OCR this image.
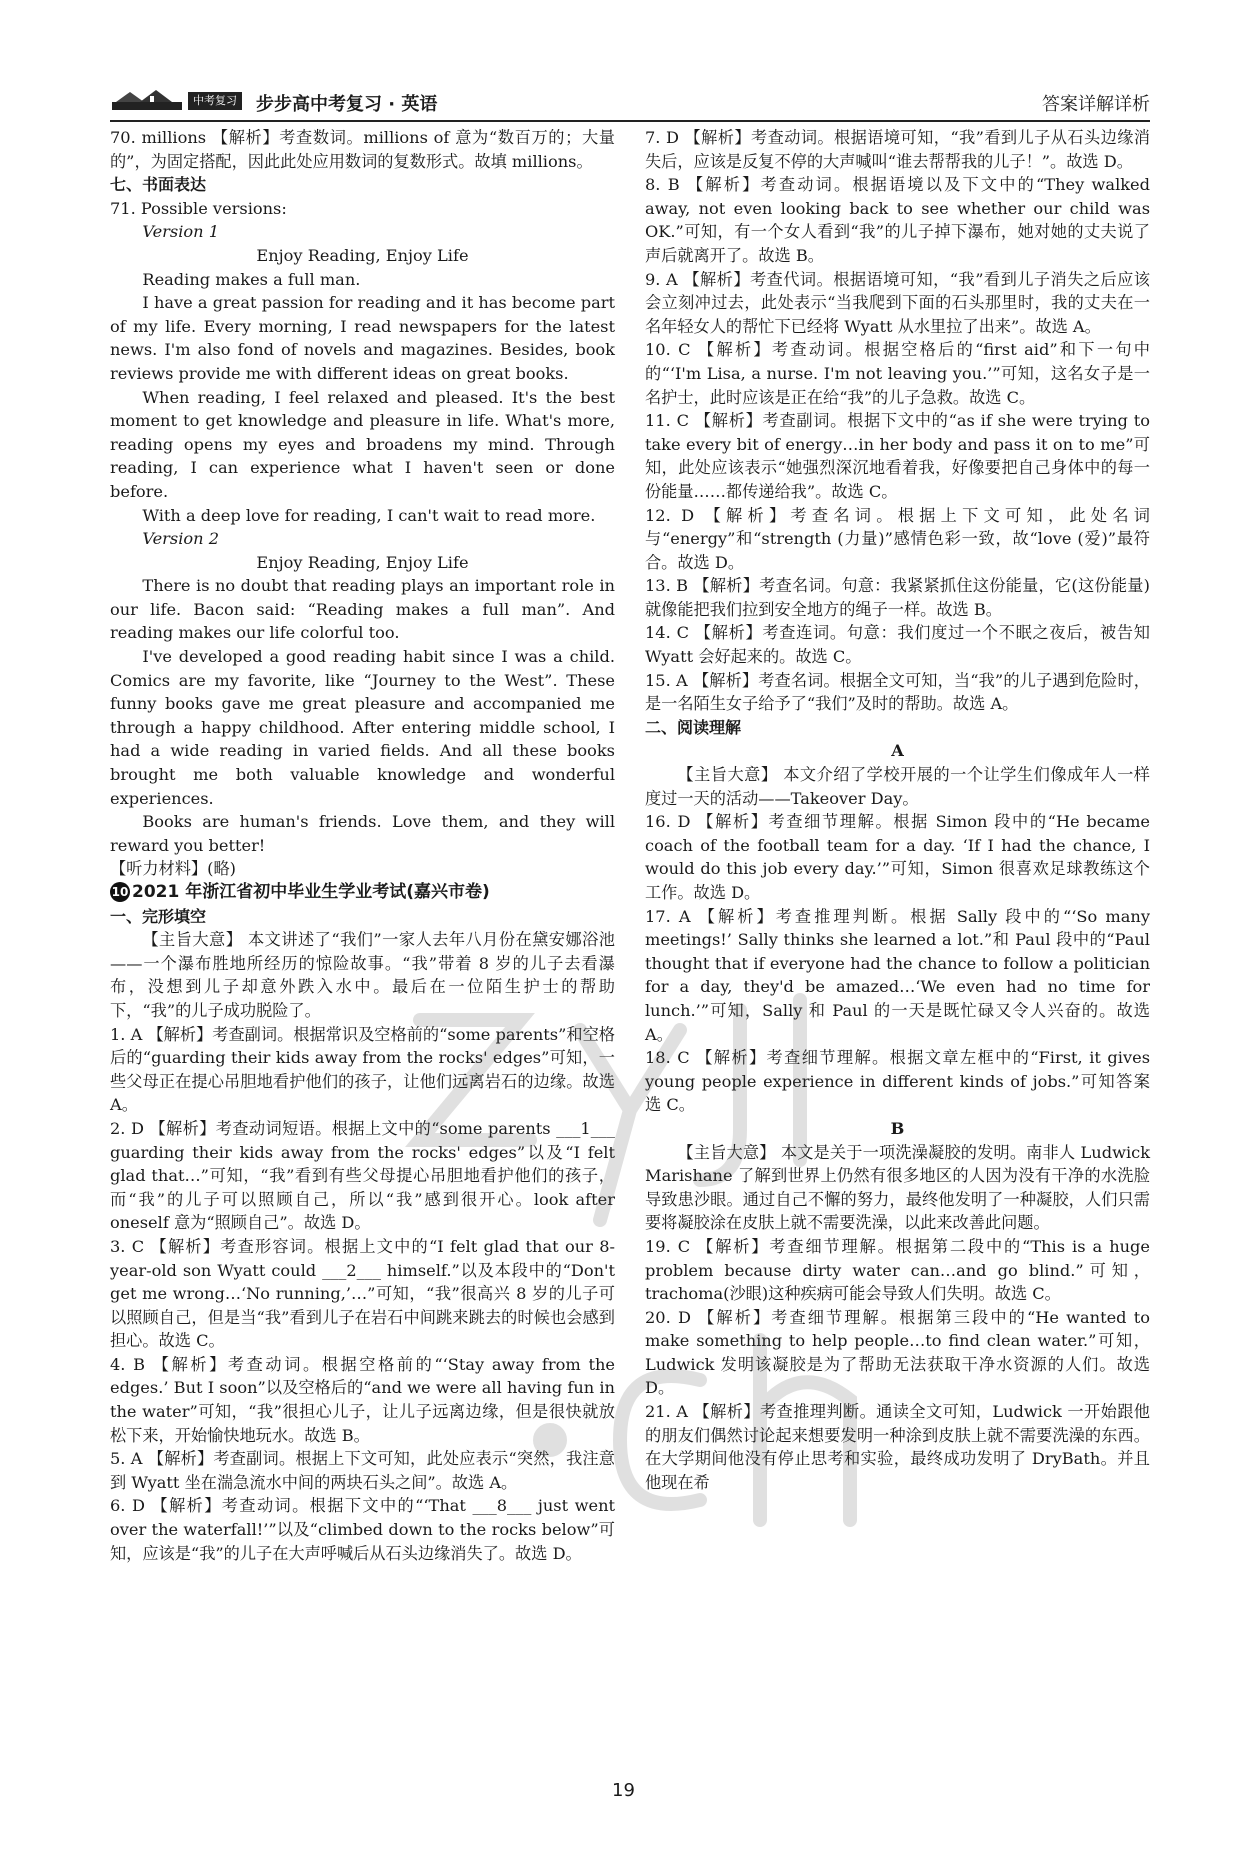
中考复习 步步高中考复习 · 英语	答案详解详析

70. millions 【解析】考查数词。millions of 意为“数百万的；大量的”，为固定搭配，因此此处应用数词的复数形式。故填 millions。

七、书面表达

71. Possible versions:

Version 1

Enjoy Reading, Enjoy Life

Reading makes a full man.

I have a great passion for reading and it has become part of my life. Every morning, I read newspapers for the latest news. I'm also fond of novels and magazines. Besides, book reviews provide me with different ideas on great books.

When reading, I feel relaxed and pleased. It's the best moment to get knowledge and pleasure in life. What's more, reading opens my eyes and broadens my mind. Through reading, I can experience what I haven't seen or done before.

With a deep love for reading, I can't wait to read more.

Version 2

Enjoy Reading, Enjoy Life

There is no doubt that reading plays an important role in our life. Bacon said: “Reading makes a full man”. And reading makes our life colorful too.

I've developed a good reading habit since I was a child. Comics are my favorite, like “Journey to the West”. These funny books gave me great pleasure and accompanied me through a happy childhood. After entering middle school, I had a wide reading in varied fields. And all these books brought me both valuable knowledge and wonderful experiences.

Books are human's friends. Love them, and they will reward you better!

【听力材料】(略)

10 2021 年浙江省初中毕业生学业考试(嘉兴市卷)

一、完形填空

【主旨大意】 本文讲述了“我们”一家人去年八月份在黛安娜浴池——一个瀑布胜地所经历的惊险故事。“我”带着 8 岁的儿子去看瀑布，没想到儿子却意外跌入水中。最后在一位陌生护士的帮助下，“我”的儿子成功脱险了。

1. A 【解析】考查副词。根据常识及空格前的“some parents”和空格后的“guarding their kids away from the rocks' edges”可知，一些父母正在提心吊胆地看护他们的孩子，让他们远离岩石的边缘。故选 A。

2. D 【解析】考查动词短语。根据上文中的“some parents ___1___ guarding their kids away from the rocks' edges”以及“I felt glad that…”可知，“我”看到有些父母提心吊胆地看护他们的孩子，而“我”的儿子可以照顾自己，所以“我”感到很开心。look after oneself 意为“照顾自己”。故选 D。

3. C 【解析】考查形容词。根据上文中的“I felt glad that our 8-year-old son Wyatt could ___2___ himself.”以及本段中的“Don't get me wrong…‘No running,’…”可知，“我”很高兴 8 岁的儿子可以照顾自己，但是当“我”看到儿子在岩石中间跳来跳去的时候也会感到担心。故选 C。

4. B 【解析】考查动词。根据空格前的“‘Stay away from the edges.’ But I soon”以及空格后的“and we were all having fun in the water”可知，“我”很担心儿子，让儿子远离边缘，但是很快就放松下来，开始愉快地玩水。故选 B。

5. A 【解析】考查副词。根据上下文可知，此处应表示“突然，我注意到 Wyatt 坐在湍急流水中间的两块石头之间”。故选 A。

6. D 【解析】考查动词。根据下文中的“‘That ___8___ just went over the waterfall!’”以及“climbed down to the rocks below”可知，应该是“我”的儿子在大声呼喊后从石头边缘消失了。故选 D。

7. D 【解析】考查动词。根据语境可知，“我”看到儿子从石头边缘消失后，应该是反复不停的大声喊叫“谁去帮帮我的儿子！”。故选 D。

8. B 【解析】考查动词。根据语境以及下文中的“They walked away, not even looking back to see whether our child was OK.”可知，有一个女人看到“我”的儿子掉下瀑布，她对她的丈夫说了声后就离开了。故选 B。

9. A 【解析】考查代词。根据语境可知，“我”看到儿子消失之后应该会立刻冲过去，此处表示“当我爬到下面的石头那里时，我的丈夫在一名年轻女人的帮忙下已经将 Wyatt 从水里拉了出来”。故选 A。

10. C 【解析】考查动词。根据空格后的“first aid”和下一句中的“‘I'm Lisa, a nurse. I'm not leaving you.’”可知，这名女子是一名护士，此时应该是正在给“我”的儿子急救。故选 C。

11. C 【解析】考查副词。根据下文中的“as if she were trying to take every bit of energy…in her body and pass it on to me”可知，此处应该表示“她强烈深沉地看着我，好像要把自己身体中的每一份能量……都传递给我”。故选 C。

12. D 【解析】考查名词。根据上下文可知，此处名词与“energy”和“strength (力量)”感情色彩一致，故“love (爱)”最符合。故选 D。

13. B 【解析】考查名词。句意：我紧紧抓住这份能量，它(这份能量)就像能把我们拉到安全地方的绳子一样。故选 B。

14. C 【解析】考查连词。句意：我们度过一个不眠之夜后，被告知 Wyatt 会好起来的。故选 C。

15. A 【解析】考查名词。根据全文可知，当“我”的儿子遇到危险时，是一名陌生女子给予了“我们”及时的帮助。故选 A。

二、阅读理解

A

【主旨大意】 本文介绍了学校开展的一个让学生们像成年人一样度过一天的活动——Takeover Day。

16. D 【解析】考查细节理解。根据 Simon 段中的“He became coach of the football team for a day. ‘If I had the chance, I would do this job every day.’”可知，Simon 很喜欢足球教练这个工作。故选 D。

17. A 【解析】考查推理判断。根据 Sally 段中的“‘So many meetings!’ Sally thinks she learned a lot.”和 Paul 段中的“Paul thought that if everyone had the chance to follow a politician for a day, they'd be amazed…‘We even had no time for lunch.’”可知，Sally 和 Paul 的一天是既忙碌又令人兴奋的。故选 A。

18. C 【解析】考查细节理解。根据文章左框中的“First, it gives young people experience in different kinds of jobs.”可知答案选 C。

B

【主旨大意】 本文是关于一项洗澡凝胶的发明。南非人 Ludwick Marishane 了解到世界上仍然有很多地区的人因为没有干净的水洗脸导致患沙眼。通过自己不懈的努力，最终他发明了一种凝胶，人们只需要将凝胶涂在皮肤上就不需要洗澡，以此来改善此问题。

19. C 【解析】考查细节理解。根据第二段中的“This is a huge problem because dirty water can…and go blind.”可知，trachoma(沙眼)这种疾病可能会导致人们失明。故选 C。

20. D 【解析】考查细节理解。根据第三段中的“He wanted to make something to help people…to find clean water.”可知，Ludwick 发明该凝胶是为了帮助无法获取干净水资源的人们。故选 D。

21. A 【解析】考查推理判断。通读全文可知，Ludwick 一开始跟他的朋友们偶然讨论起来想要发明一种涂到皮肤上就不需要洗澡的东西。在大学期间他没有停止思考和实验，最终成功发明了 DryBath。并且他现在希

19
